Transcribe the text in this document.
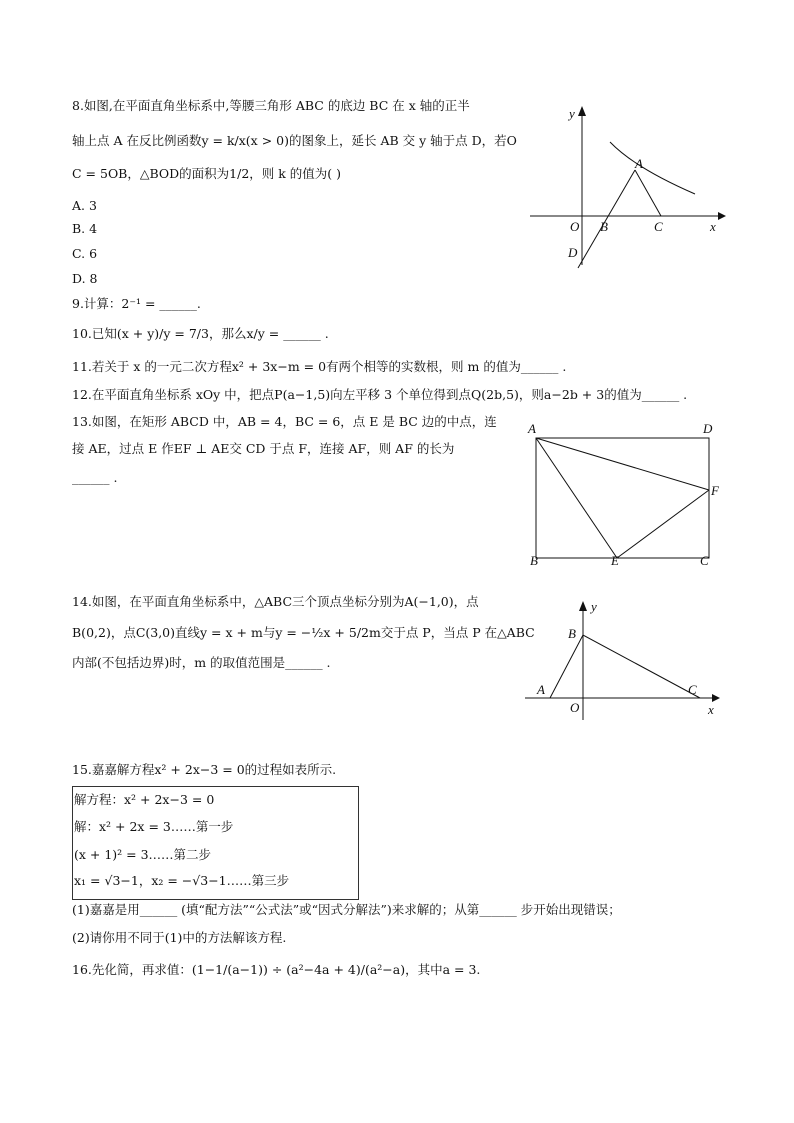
8.如图,在平面直角坐标系中,等腰三角形 ABC 的底边 BC 在 x 轴的正半
轴上点 A 在反比例函数y = k/x(x > 0)的图象上，延长 AB 交 y 轴于点 D，若O
C = 5OB，△BOD的面积为1/2，则 k 的值为( )
A. 3
B. 4
C. 6
D. 8
y
x
O
A
B	C
D
9.计算：2⁻¹ = ______.
10.已知(x + y)/y = 7/3，那么x/y = ______ .
11.若关于 x 的一元二次方程x² + 3x−m = 0有两个相等的实数根，则 m 的值为______ .
12.在平面直角坐标系 xOy 中，把点P(a−1,5)向左平移 3 个单位得到点Q(2b,5)，则a−2b + 3的值为______ .
13.如图，在矩形 ABCD 中，AB = 4，BC = 6，点 E 是 BC 边的中点，连
接 AE，过点 E 作EF ⊥ AE交 CD 于点 F，连接 AF，则 AF 的长为
______ .
A	D
F
B	E	C
14.如图，在平面直角坐标系中，△ABC三个顶点坐标分别为A(−1,0)，点
B(0,2)，点C(3,0)直线y = x + m与y = −½x + 5/2m交于点 P，当点 P 在△ABC
内部(不包括边界)时，m 的取值范围是______ .
y
x
O
B
A	C
15.嘉嘉解方程x² + 2x−3 = 0的过程如表所示.
解方程：x² + 2x−3 = 0
解：x² + 2x = 3……第一步
(x + 1)² = 3……第二步
x₁ = √3−1，x₂ = −√3−1……第三步
(1)嘉嘉是用______ (填“配方法”“公式法”或“因式分解法”)来求解的；从第______ 步开始出现错误；
(2)请你用不同于(1)中的方法解该方程.
16.先化简，再求值：(1−1/(a−1)) ÷ (a²−4a + 4)/(a²−a)，其中a = 3.
